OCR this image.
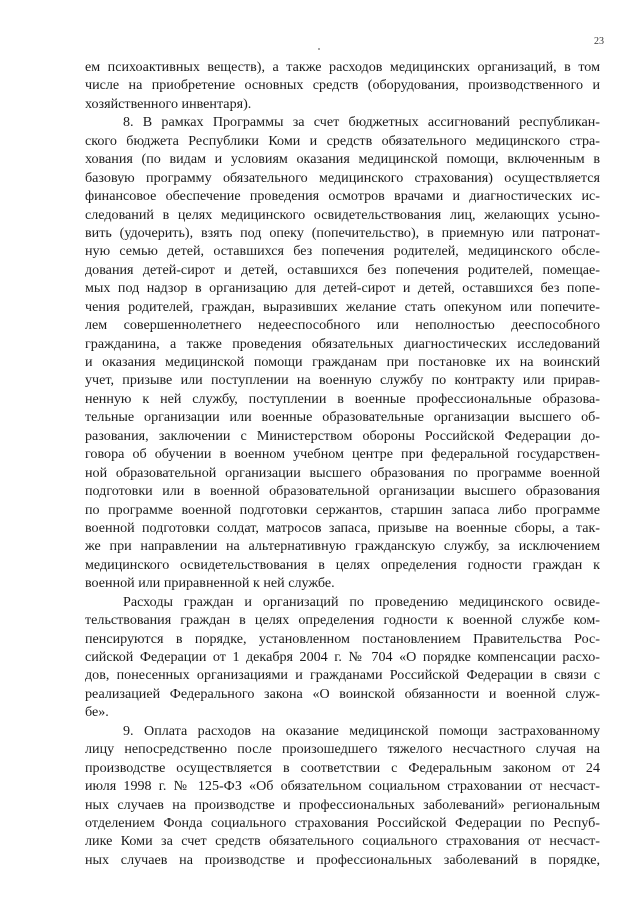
23
ем психоактивных веществ), а также расходов медицинских организаций, в том
числе на приобретение основных средств (оборудования, производственного и
хозяйственного инвентаря).
8. В рамках Программы за счет бюджетных ассигнований республикан-
ского бюджета Республики Коми и средств обязательного медицинского стра-
хования (по видам и условиям оказания медицинской помощи, включенным в
базовую программу обязательного медицинского страхования) осуществляется
финансовое обеспечение проведения осмотров врачами и диагностических ис-
следований в целях медицинского освидетельствования лиц, желающих усыно-
вить (удочерить), взять под опеку (попечительство), в приемную или патронат-
ную семью детей, оставшихся без попечения родителей, медицинского обсле-
дования детей-сирот и детей, оставшихся без попечения родителей, помещае-
мых под надзор в организацию для детей-сирот и детей, оставшихся без попе-
чения родителей, граждан, выразивших желание стать опекуном или попечите-
лем совершеннолетнего недееспособного или неполностью дееспособного
гражданина, а также проведения обязательных диагностических исследований
и оказания медицинской помощи гражданам при постановке их на воинский
учет, призыве или поступлении на военную службу по контракту или прирав-
ненную к ней службу, поступлении в военные профессиональные образова-
тельные организации или военные образовательные организации высшего об-
разования, заключении с Министерством обороны Российской Федерации до-
говора об обучении в военном учебном центре при федеральной государствен-
ной образовательной организации высшего образования по программе военной
подготовки или в военной образовательной организации высшего образования
по программе военной подготовки сержантов, старшин запаса либо программе
военной подготовки солдат, матросов запаса, призыве на военные сборы, а так-
же при направлении на альтернативную гражданскую службу, за исключением
медицинского освидетельствования в целях определения годности граждан к
военной или приравненной к ней службе.
Расходы граждан и организаций по проведению медицинского освиде-
тельствования граждан в целях определения годности к военной службе ком-
пенсируются в порядке, установленном постановлением Правительства Рос-
сийской Федерации от 1 декабря 2004 г. № 704 «О порядке компенсации расхо-
дов, понесенных организациями и гражданами Российской Федерации в связи с
реализацией Федерального закона «О воинской обязанности и военной служ-
бе».
9. Оплата расходов на оказание медицинской помощи застрахованному
лицу непосредственно после произошедшего тяжелого несчастного случая на
производстве осуществляется в соответствии с Федеральным законом от 24
июля 1998 г. № 125-ФЗ «Об обязательном социальном страховании от несчаст-
ных случаев на производстве и профессиональных заболеваний» региональным
отделением Фонда социального страхования Российской Федерации по Респуб-
лике Коми за счет средств обязательного социального страхования от несчаст-
ных случаев на производстве и профессиональных заболеваний в порядке,
